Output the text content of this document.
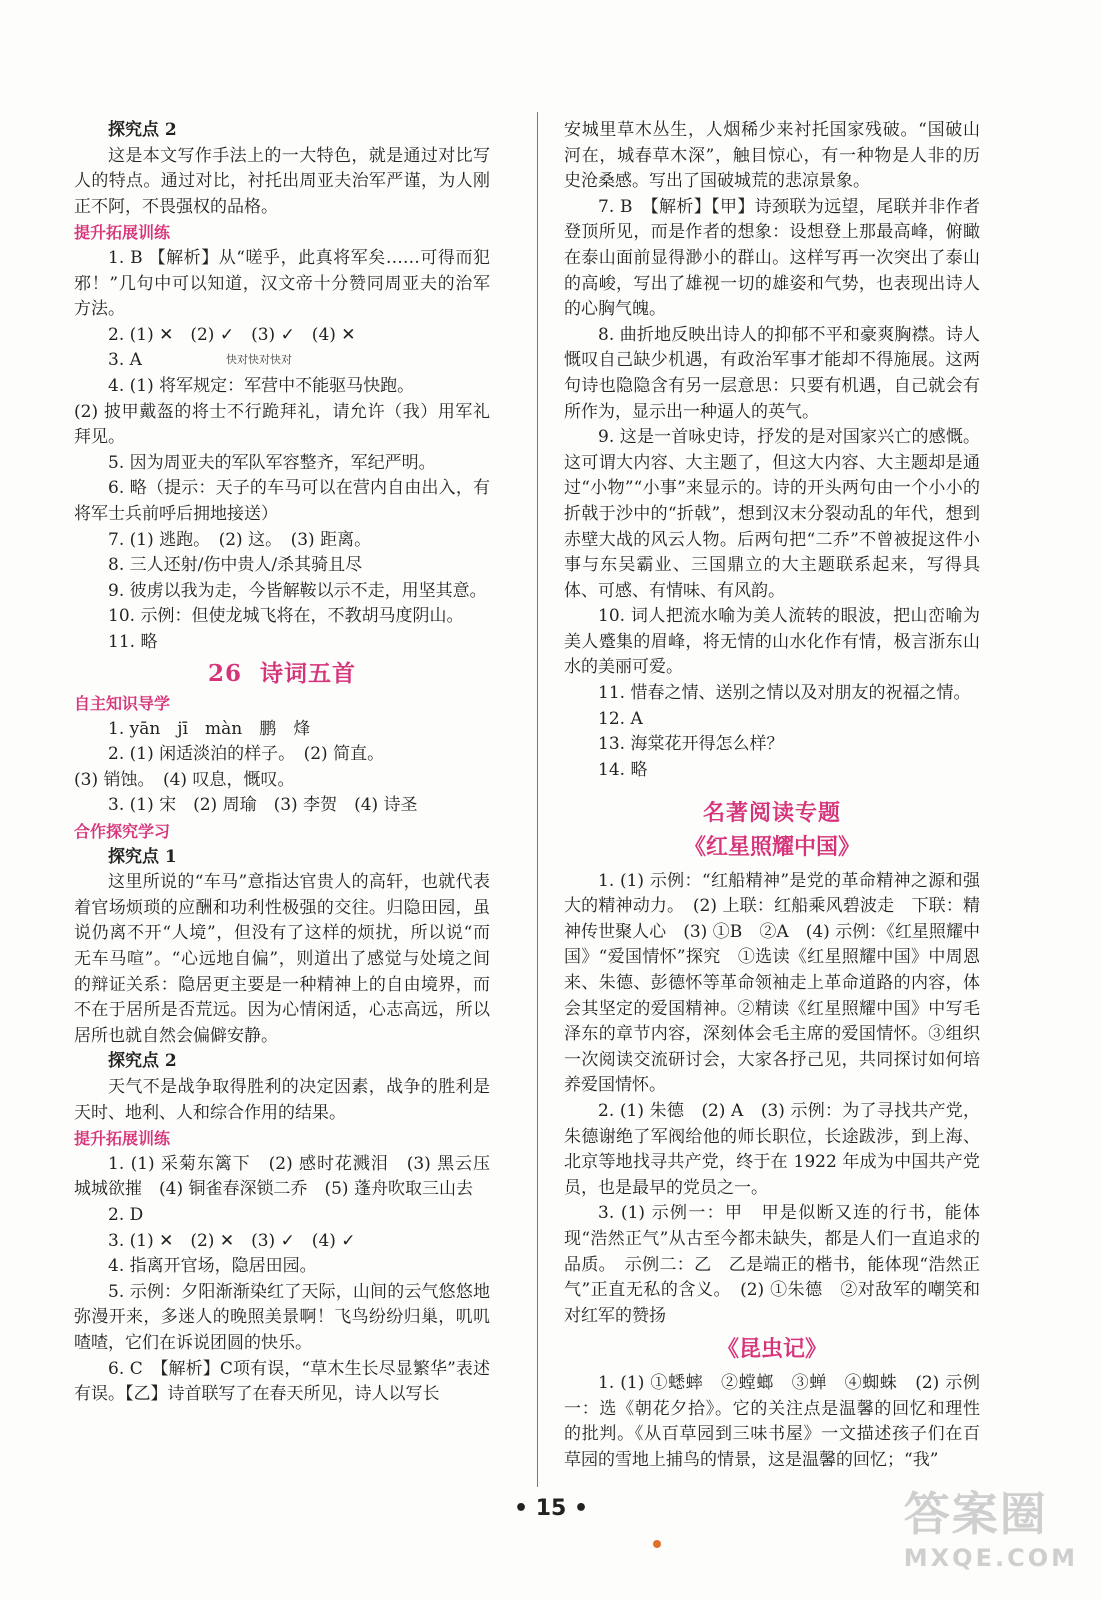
探究点 2
这是本文写作手法上的一大特色，就是通过对比写人的特点。通过对比，衬托出周亚夫治军严谨，为人刚正不阿，不畏强权的品格。
提升拓展训练
1. B 【解析】从“嗟乎，此真将军矣……可得而犯邪！”几句中可以知道，汉文帝十分赞同周亚夫的治军方法。
2. (1) ✕　(2) ✓　(3) ✓　(4) ✕
3. A
4. (1) 将军规定：军营中不能驱马快跑。
(2) 披甲戴盔的将士不行跪拜礼，请允许（我）用军礼拜见。
5. 因为周亚夫的军队军容整齐，军纪严明。
6. 略（提示：天子的车马可以在营内自由出入，有将军士兵前呼后拥地接送）
7. (1) 逃跑。　(2) 这。　(3) 距离。
8. 三人还射/伤中贵人/杀其骑且尽
9. 彼虏以我为走，今皆解鞍以示不走，用坚其意。
10. 示例：但使龙城飞将在，不教胡马度阴山。
11. 略
26 诗词五首
自主知识导学
1. yān　jī　màn　鹏　烽
2. (1) 闲适淡泊的样子。　(2) 简直。
(3) 销蚀。　(4) 叹息，慨叹。
3. (1) 宋　(2) 周瑜　(3) 李贺　(4) 诗圣
合作探究学习
探究点 1
这里所说的“车马”意指达官贵人的高轩，也就代表着官场烦琐的应酬和功利性极强的交往。归隐田园，虽说仍离不开“人境”，但没有了这样的烦扰，所以说“而无车马喧”。“心远地自偏”，则道出了感觉与处境之间的辩证关系：隐居更主要是一种精神上的自由境界，而不在于居所是否荒远。因为心情闲适，心志高远，所以居所也就自然会偏僻安静。
探究点 2
天气不是战争取得胜利的决定因素，战争的胜利是天时、地利、人和综合作用的结果。
提升拓展训练
1. (1) 采菊东篱下　(2) 感时花溅泪　(3) 黑云压城城欲摧　(4) 铜雀春深锁二乔　(5) 蓬舟吹取三山去
2. D
3. (1) ✕　(2) ✕　(3) ✓　(4) ✓
4. 指离开官场，隐居田园。
5. 示例：夕阳渐渐染红了天际，山间的云气悠悠地弥漫开来，多迷人的晚照美景啊！飞鸟纷纷归巢，叽叽喳喳，它们在诉说团圆的快乐。
6. C　【解析】C项有误，“草木生长尽显繁华”表述有误。【乙】诗首联写了在春天所见，诗人以写长
安城里草木丛生，人烟稀少来衬托国家残破。“国破山河在，城春草木深”，触目惊心，有一种物是人非的历史沧桑感。写出了国破城荒的悲凉景象。
7. B　【解析】【甲】诗颈联为远望，尾联并非作者登顶所见，而是作者的想象：设想登上那最高峰，俯瞰在泰山面前显得渺小的群山。这样写再一次突出了泰山的高峻，写出了雄视一切的雄姿和气势，也表现出诗人的心胸气魄。
8. 曲折地反映出诗人的抑郁不平和豪爽胸襟。诗人慨叹自己缺少机遇，有政治军事才能却不得施展。这两句诗也隐隐含有另一层意思：只要有机遇，自己就会有所作为，显示出一种逼人的英气。
9. 这是一首咏史诗，抒发的是对国家兴亡的感慨。这可谓大内容、大主题了，但这大内容、大主题却是通过“小物”“小事”来显示的。诗的开头两句由一个小小的折戟于沙中的“折戟”，想到汉末分裂动乱的年代，想到赤壁大战的风云人物。后两句把“二乔”不曾被捉这件小事与东吴霸业、三国鼎立的大主题联系起来，写得具体、可感、有情味、有风韵。
10. 词人把流水喻为美人流转的眼波，把山峦喻为美人蹙集的眉峰，将无情的山水化作有情，极言浙东山水的美丽可爱。
11. 惜春之情、送别之情以及对朋友的祝福之情。
12. A
13. 海棠花开得怎么样？
14. 略
名著阅读专题
《红星照耀中国》
1. (1) 示例：“红船精神”是党的革命精神之源和强大的精神动力。　(2) 上联：红船乘风碧波走　下联：精神传世聚人心　(3) ①B　②A　(4) 示例：《红星照耀中国》“爱国情怀”探究　①选读《红星照耀中国》中周恩来、朱德、彭德怀等革命领袖走上革命道路的内容，体会其坚定的爱国精神。②精读《红星照耀中国》中写毛泽东的章节内容，深刻体会毛主席的爱国情怀。③组织一次阅读交流研讨会，大家各抒己见，共同探讨如何培养爱国情怀。
2. (1) 朱德　(2) A　(3) 示例：为了寻找共产党，朱德谢绝了军阀给他的师长职位，长途跋涉，到上海、北京等地找寻共产党，终于在 1922 年成为中国共产党员，也是最早的党员之一。
3. (1) 示例一：甲　甲是似断又连的行书，能体现“浩然正气”从古至今都未缺失，都是人们一直追求的品质。　示例二：乙　乙是端正的楷书，能体现“浩然正气”正直无私的含义。　(2) ①朱德　②对敌军的嘲笑和对红军的赞扬
《昆虫记》
1. (1) ①蟋蟀　②螳螂　③蝉　④蜘蛛　(2) 示例一：选《朝花夕拾》。它的关注点是温馨的回忆和理性的批判。《从百草园到三味书屋》一文描述孩子们在百草园的雪地上捕鸟的情景，这是温馨的回忆；“我”
快对快对快对
• 15 •	答案圈
MXQE.COM
